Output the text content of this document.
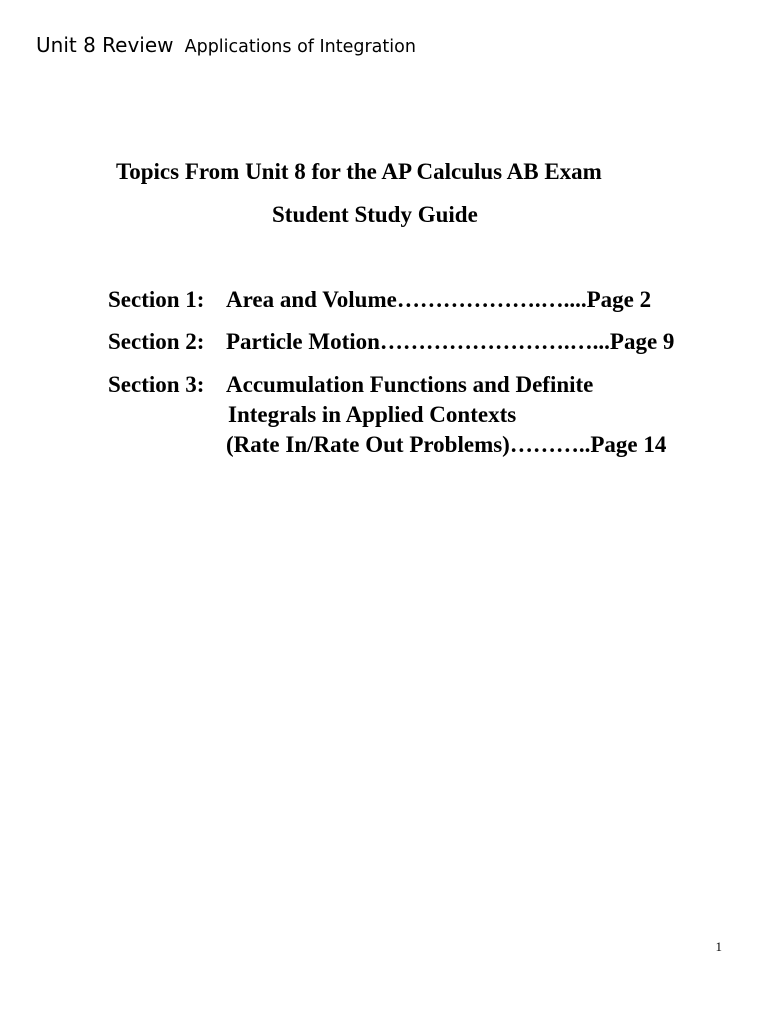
Unit 8 Review Applications of Integration
Topics From Unit 8 for the AP Calculus AB Exam
Student Study Guide
Section 1: Area and Volume……………….…....Page 2
Section 2: Particle Motion…………………….…...Page 9
Section 3: Accumulation Functions and Definite
Integrals in Applied Contexts
(Rate In/Rate Out Problems)………..Page 14
1
